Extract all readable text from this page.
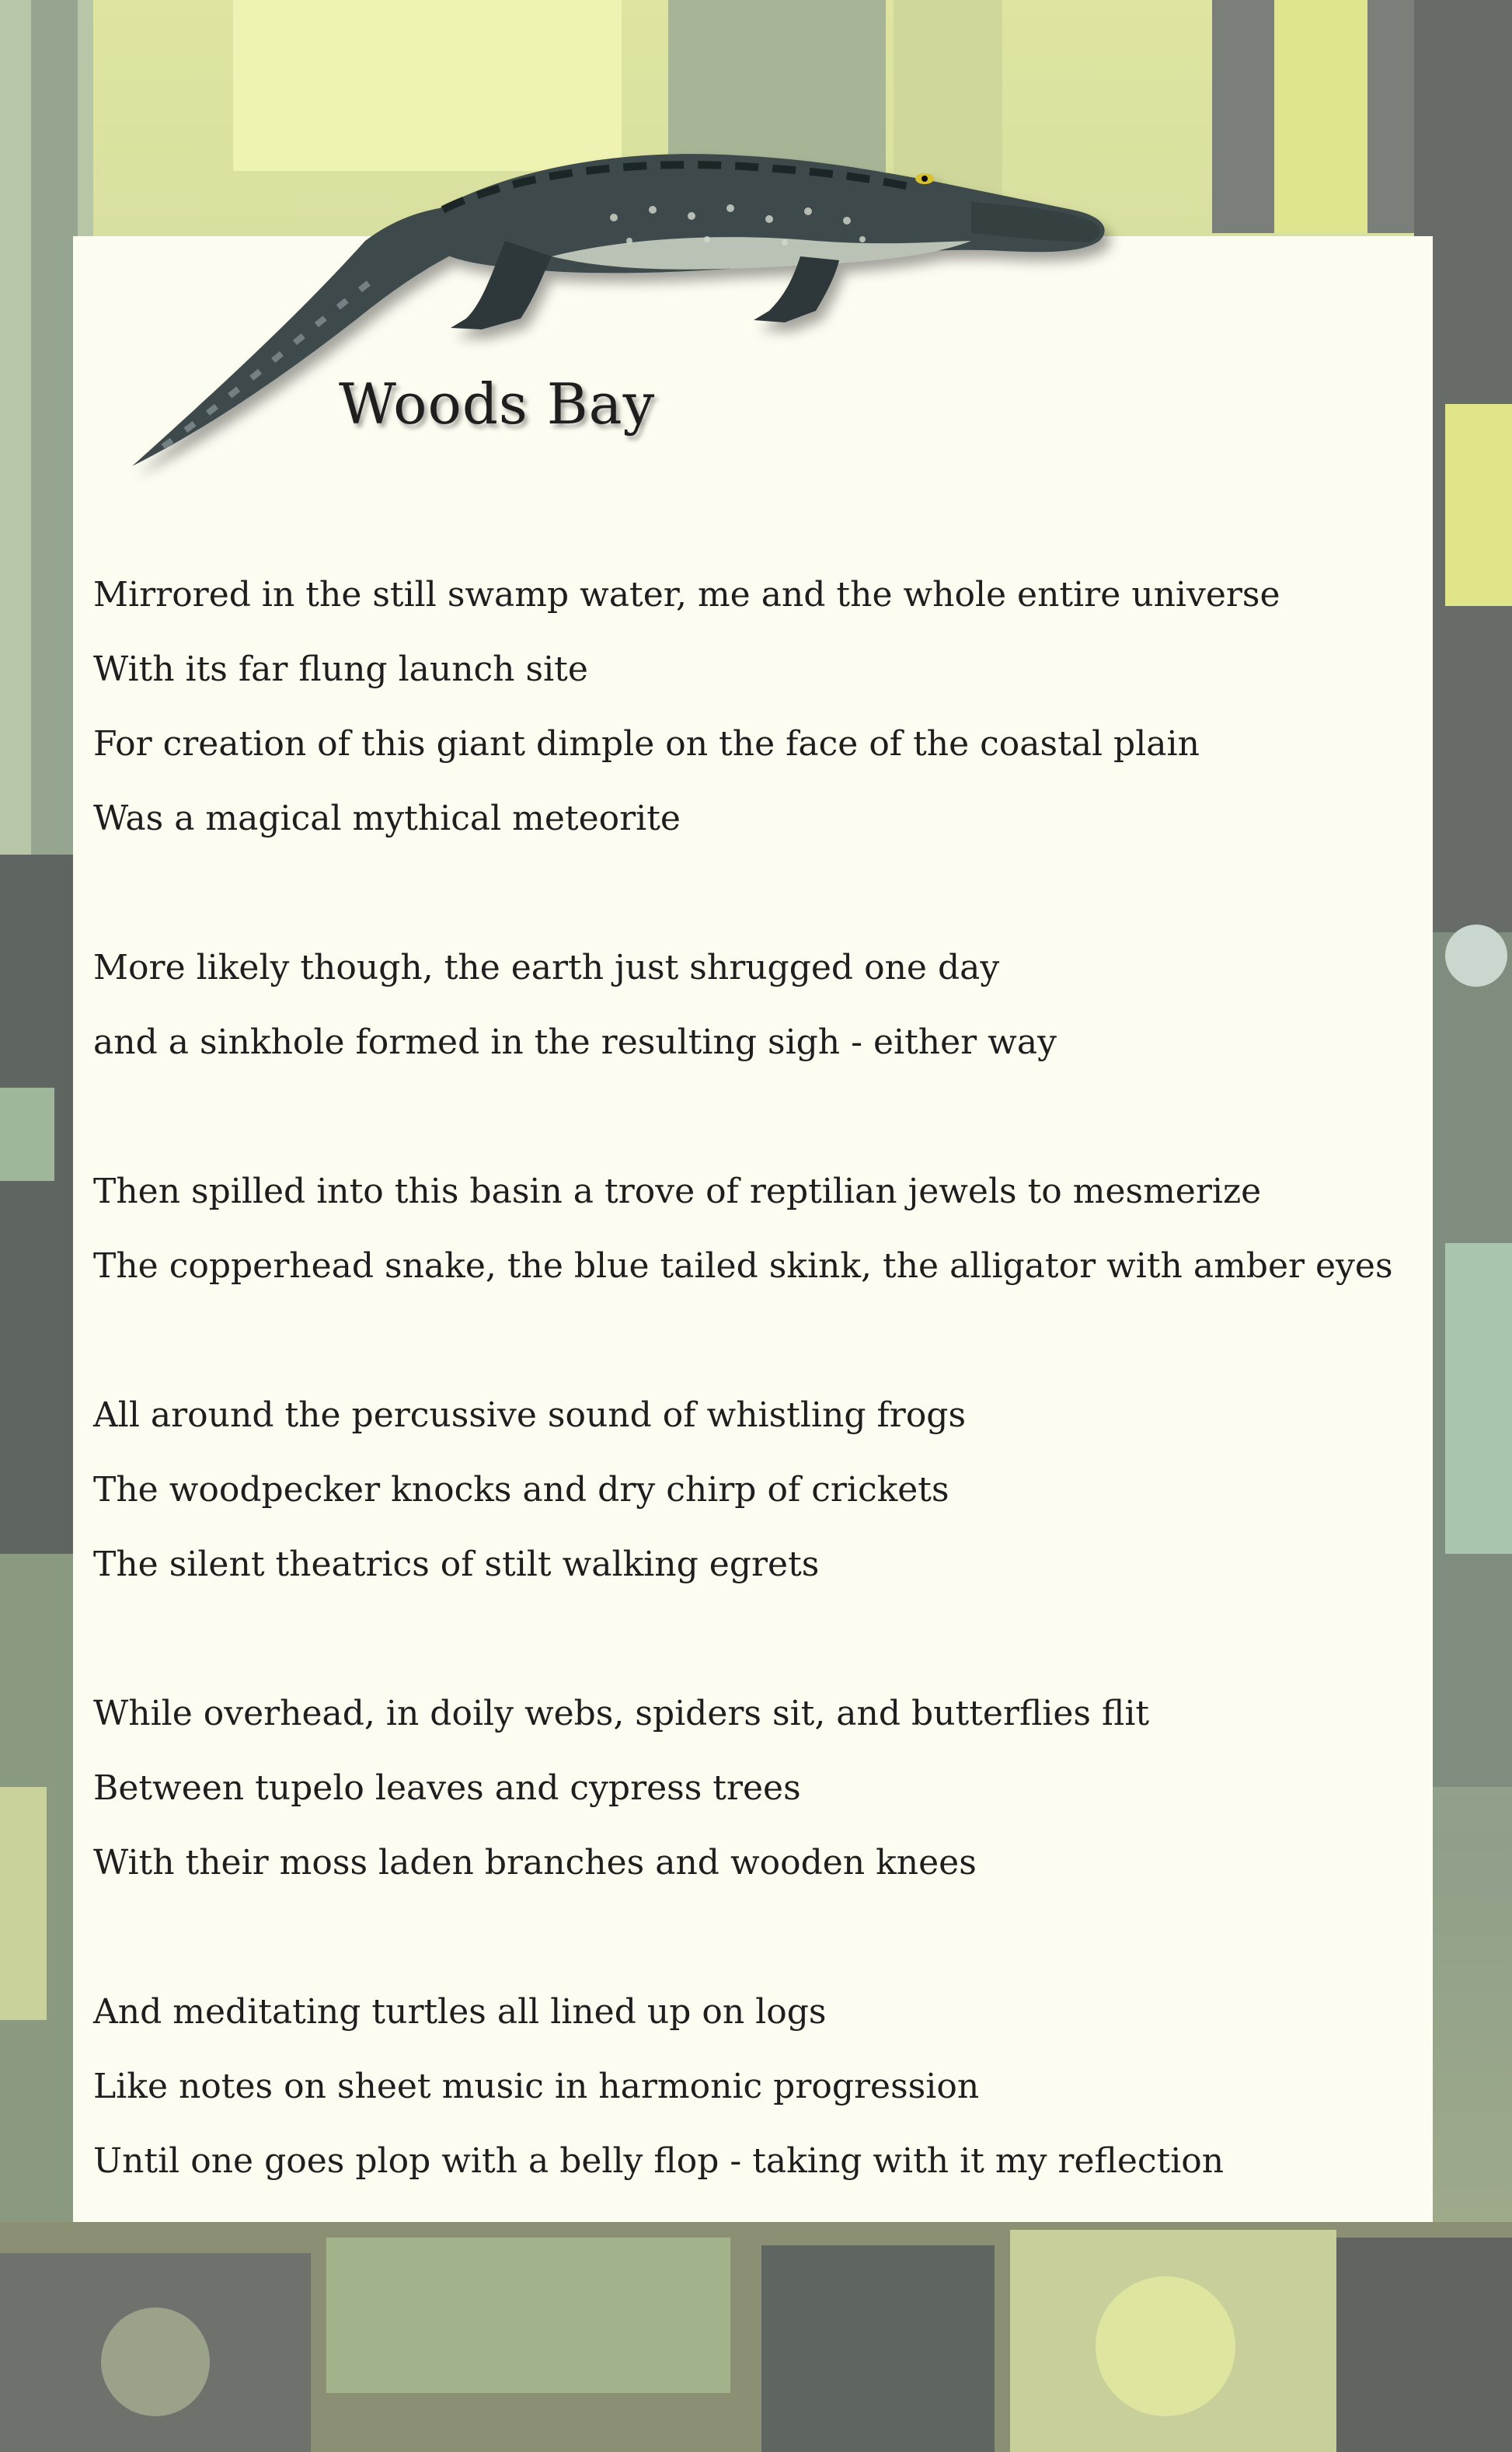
Woods Bay
Mirrored in the still swamp water, me and the whole entire universe
With its far flung launch site
For creation of this giant dimple on the face of the coastal plain
Was a magical mythical meteorite
More likely though, the earth just shrugged one day
and a sinkhole formed in the resulting sigh - either way
Then spilled into this basin a trove of reptilian jewels to mesmerize
The copperhead snake, the blue tailed skink, the alligator with amber eyes
All around the percussive sound of whistling frogs
The woodpecker knocks and dry chirp of crickets
The silent theatrics of stilt walking egrets
While overhead, in doily webs, spiders sit, and butterflies flit
Between tupelo leaves and cypress trees
With their moss laden branches and wooden knees
And meditating turtles all lined up on logs
Like notes on sheet music in harmonic progression
Until one goes plop with a belly flop - taking with it my reflection
